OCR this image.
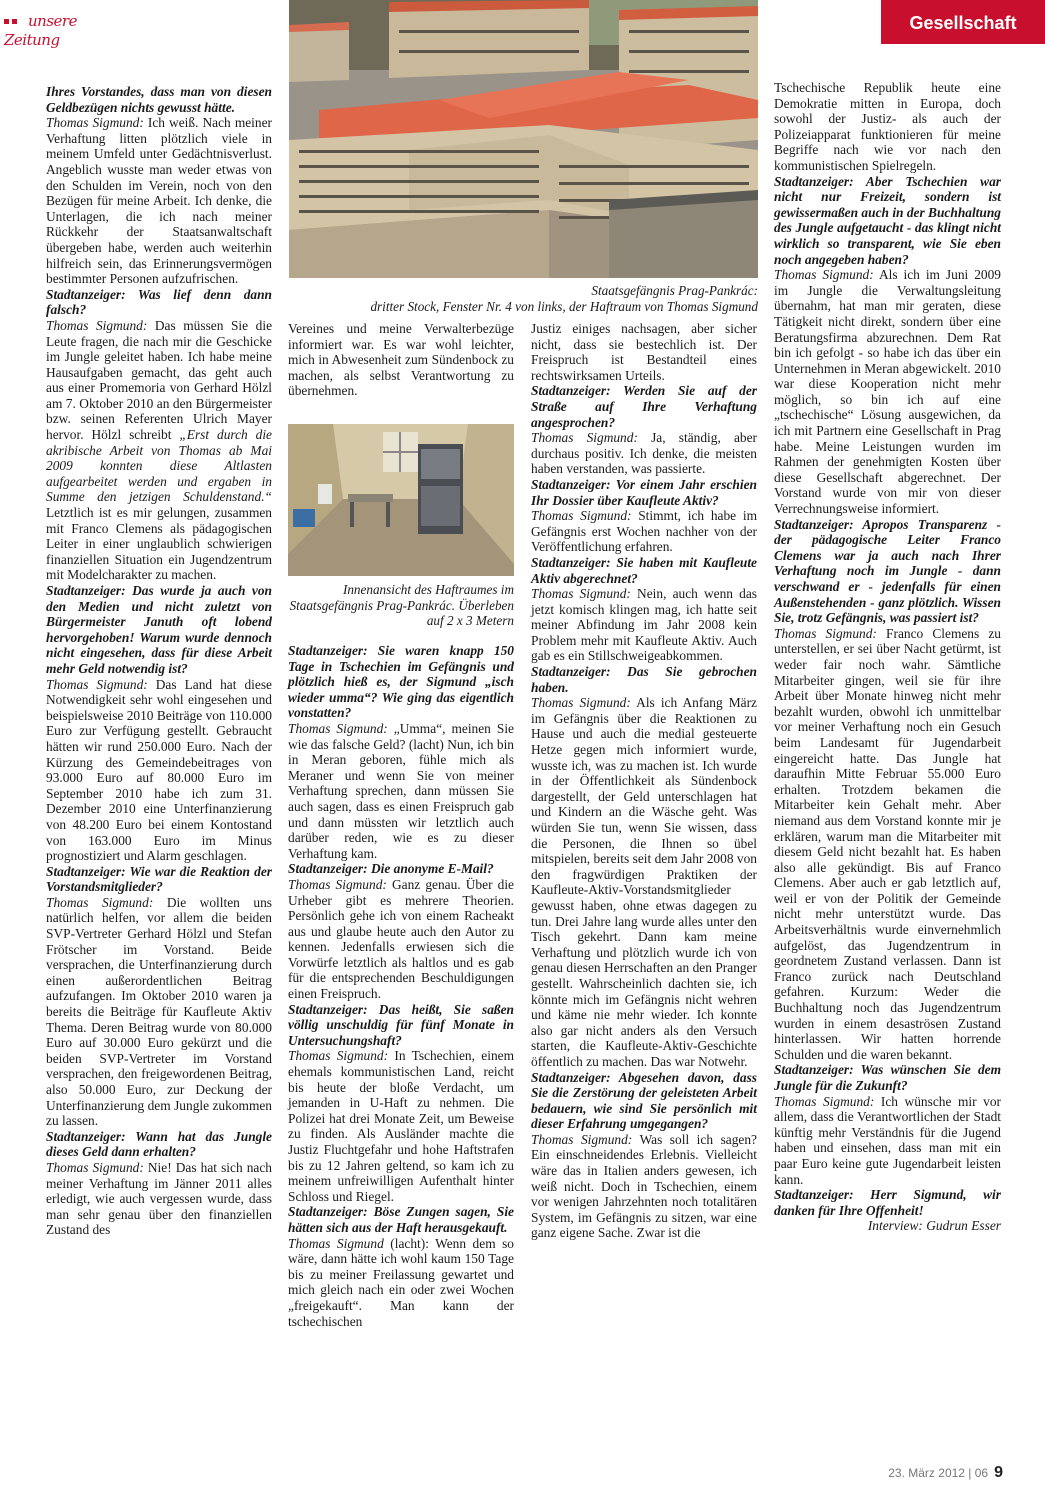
unsere Zeitung
Gesellschaft
Staatsgefängnis Prag-Pankrác:
dritter Stock, Fenster Nr. 4 von links, der Haftraum von Thomas Sigmund
Innenansicht des Haftraumes im Staatsgefängnis Prag-Pankrác. Überleben auf 2 x 3 Metern

Ihres Vorstandes, dass man von diesen Geldbezügen nichts gewusst hätte.

Thomas Sigmund: Ich weiß. Nach meiner Verhaftung litten plötzlich viele in meinem Umfeld unter Gedächtnisverlust. Angeblich wusste man weder etwas von den Schulden im Verein, noch von den Bezügen für meine Arbeit. Ich denke, die Unterlagen, die ich nach meiner Rückkehr der Staatsanwaltschaft übergeben habe, werden auch weiterhin hilfreich sein, das Erinnerungsvermögen bestimmter Personen aufzufrischen.

Stadtanzeiger: Was lief denn dann falsch?

Thomas Sigmund: Das müssen Sie die Leute fragen, die nach mir die Geschicke im Jungle geleitet haben. Ich habe meine Hausaufgaben gemacht, das geht auch aus einer Promemoria von Gerhard Hölzl am 7. Oktober 2010 an den Bürgermeister bzw. seinen Referenten Ulrich Mayer hervor. Hölzl schreibt „Erst durch die akribische Arbeit von Thomas ab Mai 2009 konnten diese Altlasten aufgearbeitet werden und ergaben in Summe den jetzigen Schuldenstand.“ Letztlich ist es mir gelungen, zusammen mit Franco Clemens als pädagogischen Leiter in einer unglaublich schwierigen finanziellen Situation ein Jugendzentrum mit Modelcharakter zu machen.

Stadtanzeiger: Das wurde ja auch von den Medien und nicht zuletzt von Bürgermeister Januth oft lobend hervorgehoben! Warum wurde dennoch nicht eingesehen, dass für diese Arbeit mehr Geld notwendig ist?

Thomas Sigmund: Das Land hat diese Notwendigkeit sehr wohl eingesehen und beispielsweise 2010 Beiträge von 110.000 Euro zur Verfügung gestellt. Gebraucht hätten wir rund 250.000 Euro. Nach der Kürzung des Gemeindebeitrages von 93.000 Euro auf 80.000 Euro im September 2010 habe ich zum 31. Dezember 2010 eine Unterfinanzierung von 48.200 Euro bei einem Kontostand von 163.000 Euro im Minus prognostiziert und Alarm geschlagen.

Stadtanzeiger: Wie war die Reaktion der Vorstandsmitglieder?

Thomas Sigmund: Die wollten uns natürlich helfen, vor allem die beiden SVP-Vertreter Gerhard Hölzl und Stefan Frötscher im Vorstand. Beide versprachen, die Unterfinanzierung durch einen außerordentlichen Beitrag aufzufangen. Im Oktober 2010 waren ja bereits die Beiträge für Kaufleute Aktiv Thema. Deren Beitrag wurde von 80.000 Euro auf 30.000 Euro gekürzt und die beiden SVP-Vertreter im Vorstand versprachen, den freigewordenen Beitrag, also 50.000 Euro, zur Deckung der Unterfinanzierung dem Jungle zukommen zu lassen.

Stadtanzeiger: Wann hat das Jungle dieses Geld dann erhalten?

Thomas Sigmund: Nie! Das hat sich nach meiner Verhaftung im Jänner 2011 alles erledigt, wie auch vergessen wurde, dass man sehr genau über den finanziellen Zustand des

Vereines und meine Verwalterbezüge informiert war. Es war wohl leichter, mich in Abwesenheit zum Sündenbock zu machen, als selbst Verantwortung zu übernehmen.

Stadtanzeiger: Sie waren knapp 150 Tage in Tschechien im Gefängnis und plötzlich hieß es, der Sigmund „isch wieder umma“? Wie ging das eigentlich vonstatten?

Thomas Sigmund: „Umma“, meinen Sie wie das falsche Geld? (lacht) Nun, ich bin in Meran geboren, fühle mich als Meraner und wenn Sie von meiner Verhaftung sprechen, dann müssen Sie auch sagen, dass es einen Freispruch gab und dann müssten wir letztlich auch darüber reden, wie es zu dieser Verhaftung kam.

Stadtanzeiger: Die anonyme E-Mail?

Thomas Sigmund: Ganz genau. Über die Urheber gibt es mehrere Theorien. Persönlich gehe ich von einem Racheakt aus und glaube heute auch den Autor zu kennen. Jedenfalls erwiesen sich die Vorwürfe letztlich als haltlos und es gab für die entsprechenden Beschuldigungen einen Freispruch.

Stadtanzeiger: Das heißt, Sie saßen völlig unschuldig für fünf Monate in Untersuchungshaft?

Thomas Sigmund: In Tschechien, einem ehemals kommunistischen Land, reicht bis heute der bloße Verdacht, um jemanden in U-Haft zu nehmen. Die Polizei hat drei Monate Zeit, um Beweise zu finden. Als Ausländer machte die Justiz Fluchtgefahr und hohe Haftstrafen bis zu 12 Jahren geltend, so kam ich zu meinem unfreiwilligen Aufenthalt hinter Schloss und Riegel.

Stadtanzeiger: Böse Zungen sagen, Sie hätten sich aus der Haft herausgekauft.

Thomas Sigmund (lacht): Wenn dem so wäre, dann hätte ich wohl kaum 150 Tage bis zu meiner Freilassung gewartet und mich gleich nach ein oder zwei Wochen „freigekauft“. Man kann der tschechischen

Justiz einiges nachsagen, aber sicher nicht, dass sie bestechlich ist. Der Freispruch ist Bestandteil eines rechtswirksamen Urteils.

Stadtanzeiger: Werden Sie auf der Straße auf Ihre Verhaftung angesprochen?

Thomas Sigmund: Ja, ständig, aber durchaus positiv. Ich denke, die meisten haben verstanden, was passierte.

Stadtanzeiger: Vor einem Jahr erschien Ihr Dossier über Kaufleute Aktiv?

Thomas Sigmund: Stimmt, ich habe im Gefängnis erst Wochen nachher von der Veröffentlichung erfahren.

Stadtanzeiger: Sie haben mit Kaufleute Aktiv abgerechnet?

Thomas Sigmund: Nein, auch wenn das jetzt komisch klingen mag, ich hatte seit meiner Abfindung im Jahr 2008 kein Problem mehr mit Kaufleute Aktiv. Auch gab es ein Stillschweigeabkommen.

Stadtanzeiger: Das Sie gebrochen haben.

Thomas Sigmund: Als ich Anfang März im Gefängnis über die Reaktionen zu Hause und auch die medial gesteuerte Hetze gegen mich informiert wurde, wusste ich, was zu machen ist. Ich wurde in der Öffentlichkeit als Sündenbock dargestellt, der Geld unterschlagen hat und Kindern an die Wäsche geht. Was würden Sie tun, wenn Sie wissen, dass die Personen, die Ihnen so übel mitspielen, bereits seit dem Jahr 2008 von den fragwürdigen Praktiken der Kaufleute-Aktiv-Vorstandsmitglieder gewusst haben, ohne etwas dagegen zu tun. Drei Jahre lang wurde alles unter den Tisch gekehrt. Dann kam meine Verhaftung und plötzlich wurde ich von genau diesen Herrschaften an den Pranger gestellt. Wahrscheinlich dachten sie, ich könnte mich im Gefängnis nicht wehren und käme nie mehr wieder. Ich konnte also gar nicht anders als den Versuch starten, die Kaufleute-Aktiv-Geschichte öffentlich zu machen. Das war Notwehr.

Stadtanzeiger: Abgesehen davon, dass Sie die Zerstörung der geleisteten Arbeit bedauern, wie sind Sie persönlich mit dieser Erfahrung umgegangen?

Thomas Sigmund: Was soll ich sagen? Ein einschneidendes Erlebnis. Vielleicht wäre das in Italien anders gewesen, ich weiß nicht. Doch in Tschechien, einem vor wenigen Jahrzehnten noch totalitären System, im Gefängnis zu sitzen, war eine ganz eigene Sache. Zwar ist die

Tschechische Republik heute eine Demokratie mitten in Europa, doch sowohl der Justiz- als auch der Polizeiapparat funktionieren für meine Begriffe nach wie vor nach den kommunistischen Spielregeln.

Stadtanzeiger: Aber Tschechien war nicht nur Freizeit, sondern ist gewissermaßen auch in der Buchhaltung des Jungle aufgetaucht - das klingt nicht wirklich so transparent, wie Sie eben noch angegeben haben?

Thomas Sigmund: Als ich im Juni 2009 im Jungle die Verwaltungsleitung übernahm, hat man mir geraten, diese Tätigkeit nicht direkt, sondern über eine Beratungsfirma abzurechnen. Dem Rat bin ich gefolgt - so habe ich das über ein Unternehmen in Meran abgewickelt. 2010 war diese Kooperation nicht mehr möglich, so bin ich auf eine „tschechische“ Lösung ausgewichen, da ich mit Partnern eine Gesellschaft in Prag habe. Meine Leistungen wurden im Rahmen der genehmigten Kosten über diese Gesellschaft abgerechnet. Der Vorstand wurde von mir von dieser Verrechnungsweise informiert.

Stadtanzeiger: Apropos Transparenz - der pädagogische Leiter Franco Clemens war ja auch nach Ihrer Verhaftung noch im Jungle - dann verschwand er - jedenfalls für einen Außenstehenden - ganz plötzlich. Wissen Sie, trotz Gefängnis, was passiert ist?

Thomas Sigmund: Franco Clemens zu unterstellen, er sei über Nacht getürmt, ist weder fair noch wahr. Sämtliche Mitarbeiter gingen, weil sie für ihre Arbeit über Monate hinweg nicht mehr bezahlt wurden, obwohl ich unmittelbar vor meiner Verhaftung noch ein Gesuch beim Landesamt für Jugendarbeit eingereicht hatte. Das Jungle hat daraufhin Mitte Februar 55.000 Euro erhalten. Trotzdem bekamen die Mitarbeiter kein Gehalt mehr. Aber niemand aus dem Vorstand konnte mir je erklären, warum man die Mitarbeiter mit diesem Geld nicht bezahlt hat. Es haben also alle gekündigt. Bis auf Franco Clemens. Aber auch er gab letztlich auf, weil er von der Politik der Gemeinde nicht mehr unterstützt wurde. Das Arbeitsverhältnis wurde einvernehmlich aufgelöst, das Jugendzentrum in geordnetem Zustand verlassen. Dann ist Franco zurück nach Deutschland gefahren. Kurzum: Weder die Buchhaltung noch das Jugendzentrum wurden in einem desaströsen Zustand hinterlassen. Wir hatten horrende Schulden und die waren bekannt.

Stadtanzeiger: Was wünschen Sie dem Jungle für die Zukunft?

Thomas Sigmund: Ich wünsche mir vor allem, dass die Verantwortlichen der Stadt künftig mehr Verständnis für die Jugend haben und einsehen, dass man mit ein paar Euro keine gute Jugendarbeit leisten kann.

Stadtanzeiger: Herr Sigmund, wir danken für Ihre Offenheit!

Interview: Gudrun Esser
23. März 2012 | 06 9
